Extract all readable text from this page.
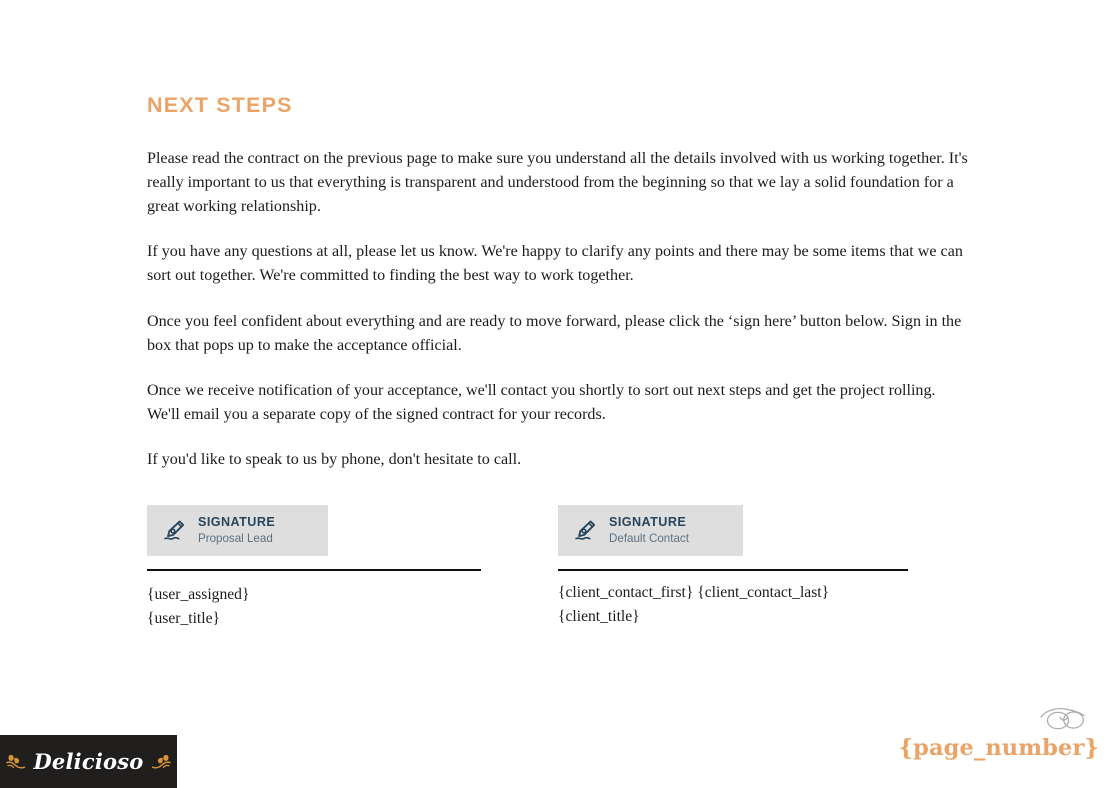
NEXT STEPS

Please read the contract on the previous page to make sure you understand all the details involved with us working together. It's really important to us that everything is transparent and understood from the beginning so that we lay a solid foundation for a great working relationship.

If you have any questions at all, please let us know. We're happy to clarify any points and there may be some items that we can sort out together. We're committed to finding the best way to work together.

Once you feel confident about everything and are ready to move forward, please click the ‘sign here’ button below. Sign in the box that pops up to make the acceptance official.

Once we receive notification of your acceptance, we'll contact you shortly to sort out next steps and get the project rolling. We'll email you a separate copy of the signed contract for your records.

If you'd like to speak to us by phone, don't hesitate to call.

SIGNATURE
Proposal Lead
{user_assigned}
{user_title}
SIGNATURE
Default Contact
{client_contact_first} {client_contact_last}
{client_title}
Delicioso
{page_number}
